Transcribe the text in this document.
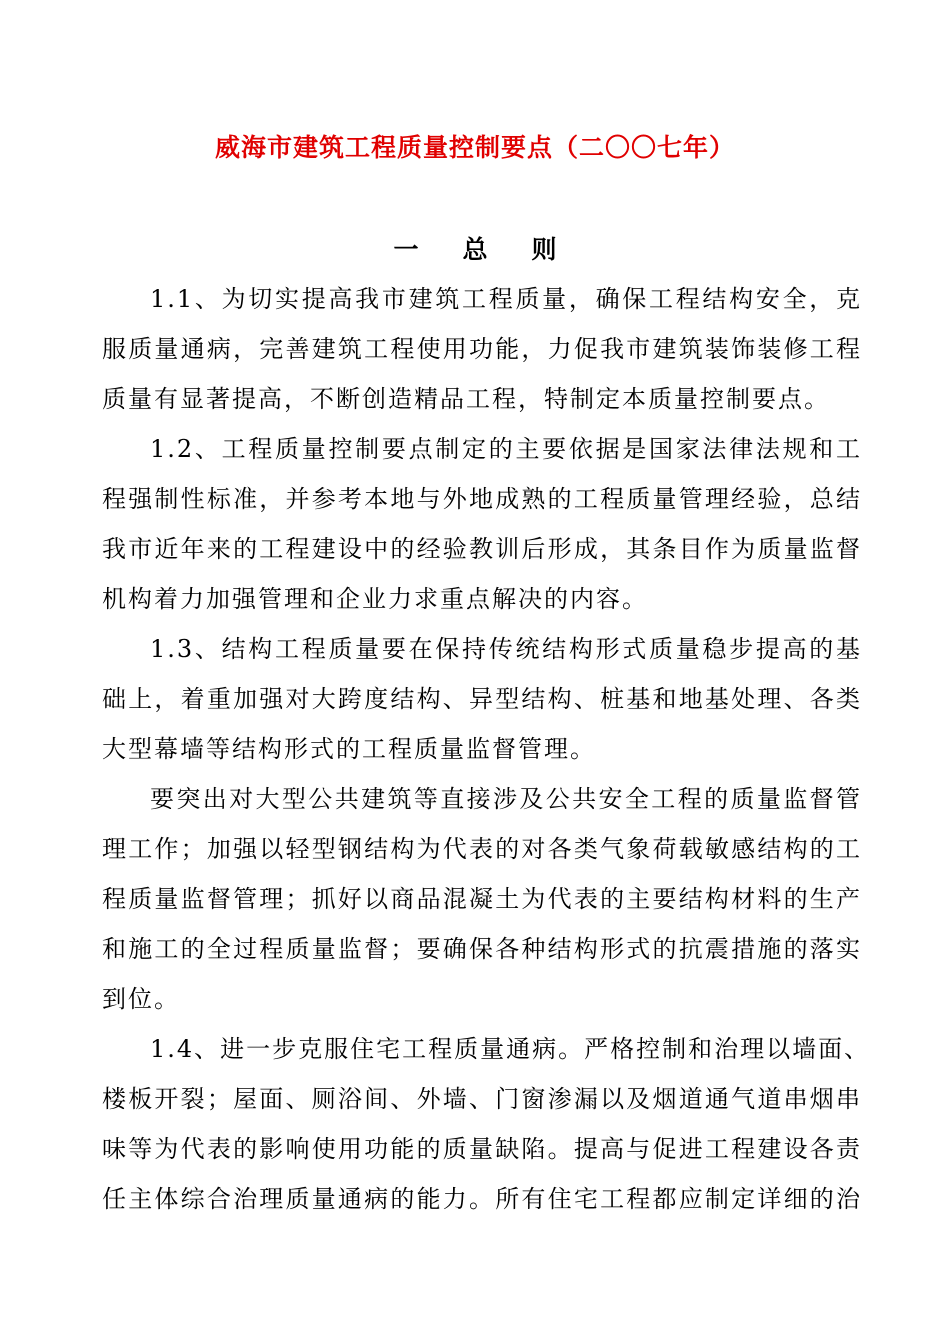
威海市建筑工程质量控制要点（二〇〇七年）
一总则
1.1、为切实提高我市建筑工程质量，确保工程结构安全，克
服质量通病，完善建筑工程使用功能，力促我市建筑装饰装修工程
质量有显著提高，不断创造精品工程，特制定本质量控制要点。
1.2、工程质量控制要点制定的主要依据是国家法律法规和工
程强制性标准，并参考本地与外地成熟的工程质量管理经验，总结
我市近年来的工程建设中的经验教训后形成，其条目作为质量监督
机构着力加强管理和企业力求重点解决的内容。
1.3、结构工程质量要在保持传统结构形式质量稳步提高的基
础上，着重加强对大跨度结构、异型结构、桩基和地基处理、各类
大型幕墙等结构形式的工程质量监督管理。
要突出对大型公共建筑等直接涉及公共安全工程的质量监督管
理工作；加强以轻型钢结构为代表的对各类气象荷载敏感结构的工
程质量监督管理；抓好以商品混凝土为代表的主要结构材料的生产
和施工的全过程质量监督；要确保各种结构形式的抗震措施的落实
到位。
1.4、进一步克服住宅工程质量通病。严格控制和治理以墙面、
楼板开裂；屋面、厕浴间、外墙、门窗渗漏以及烟道通气道串烟串
味等为代表的影响使用功能的质量缺陷。提高与促进工程建设各责
任主体综合治理质量通病的能力。所有住宅工程都应制定详细的治
